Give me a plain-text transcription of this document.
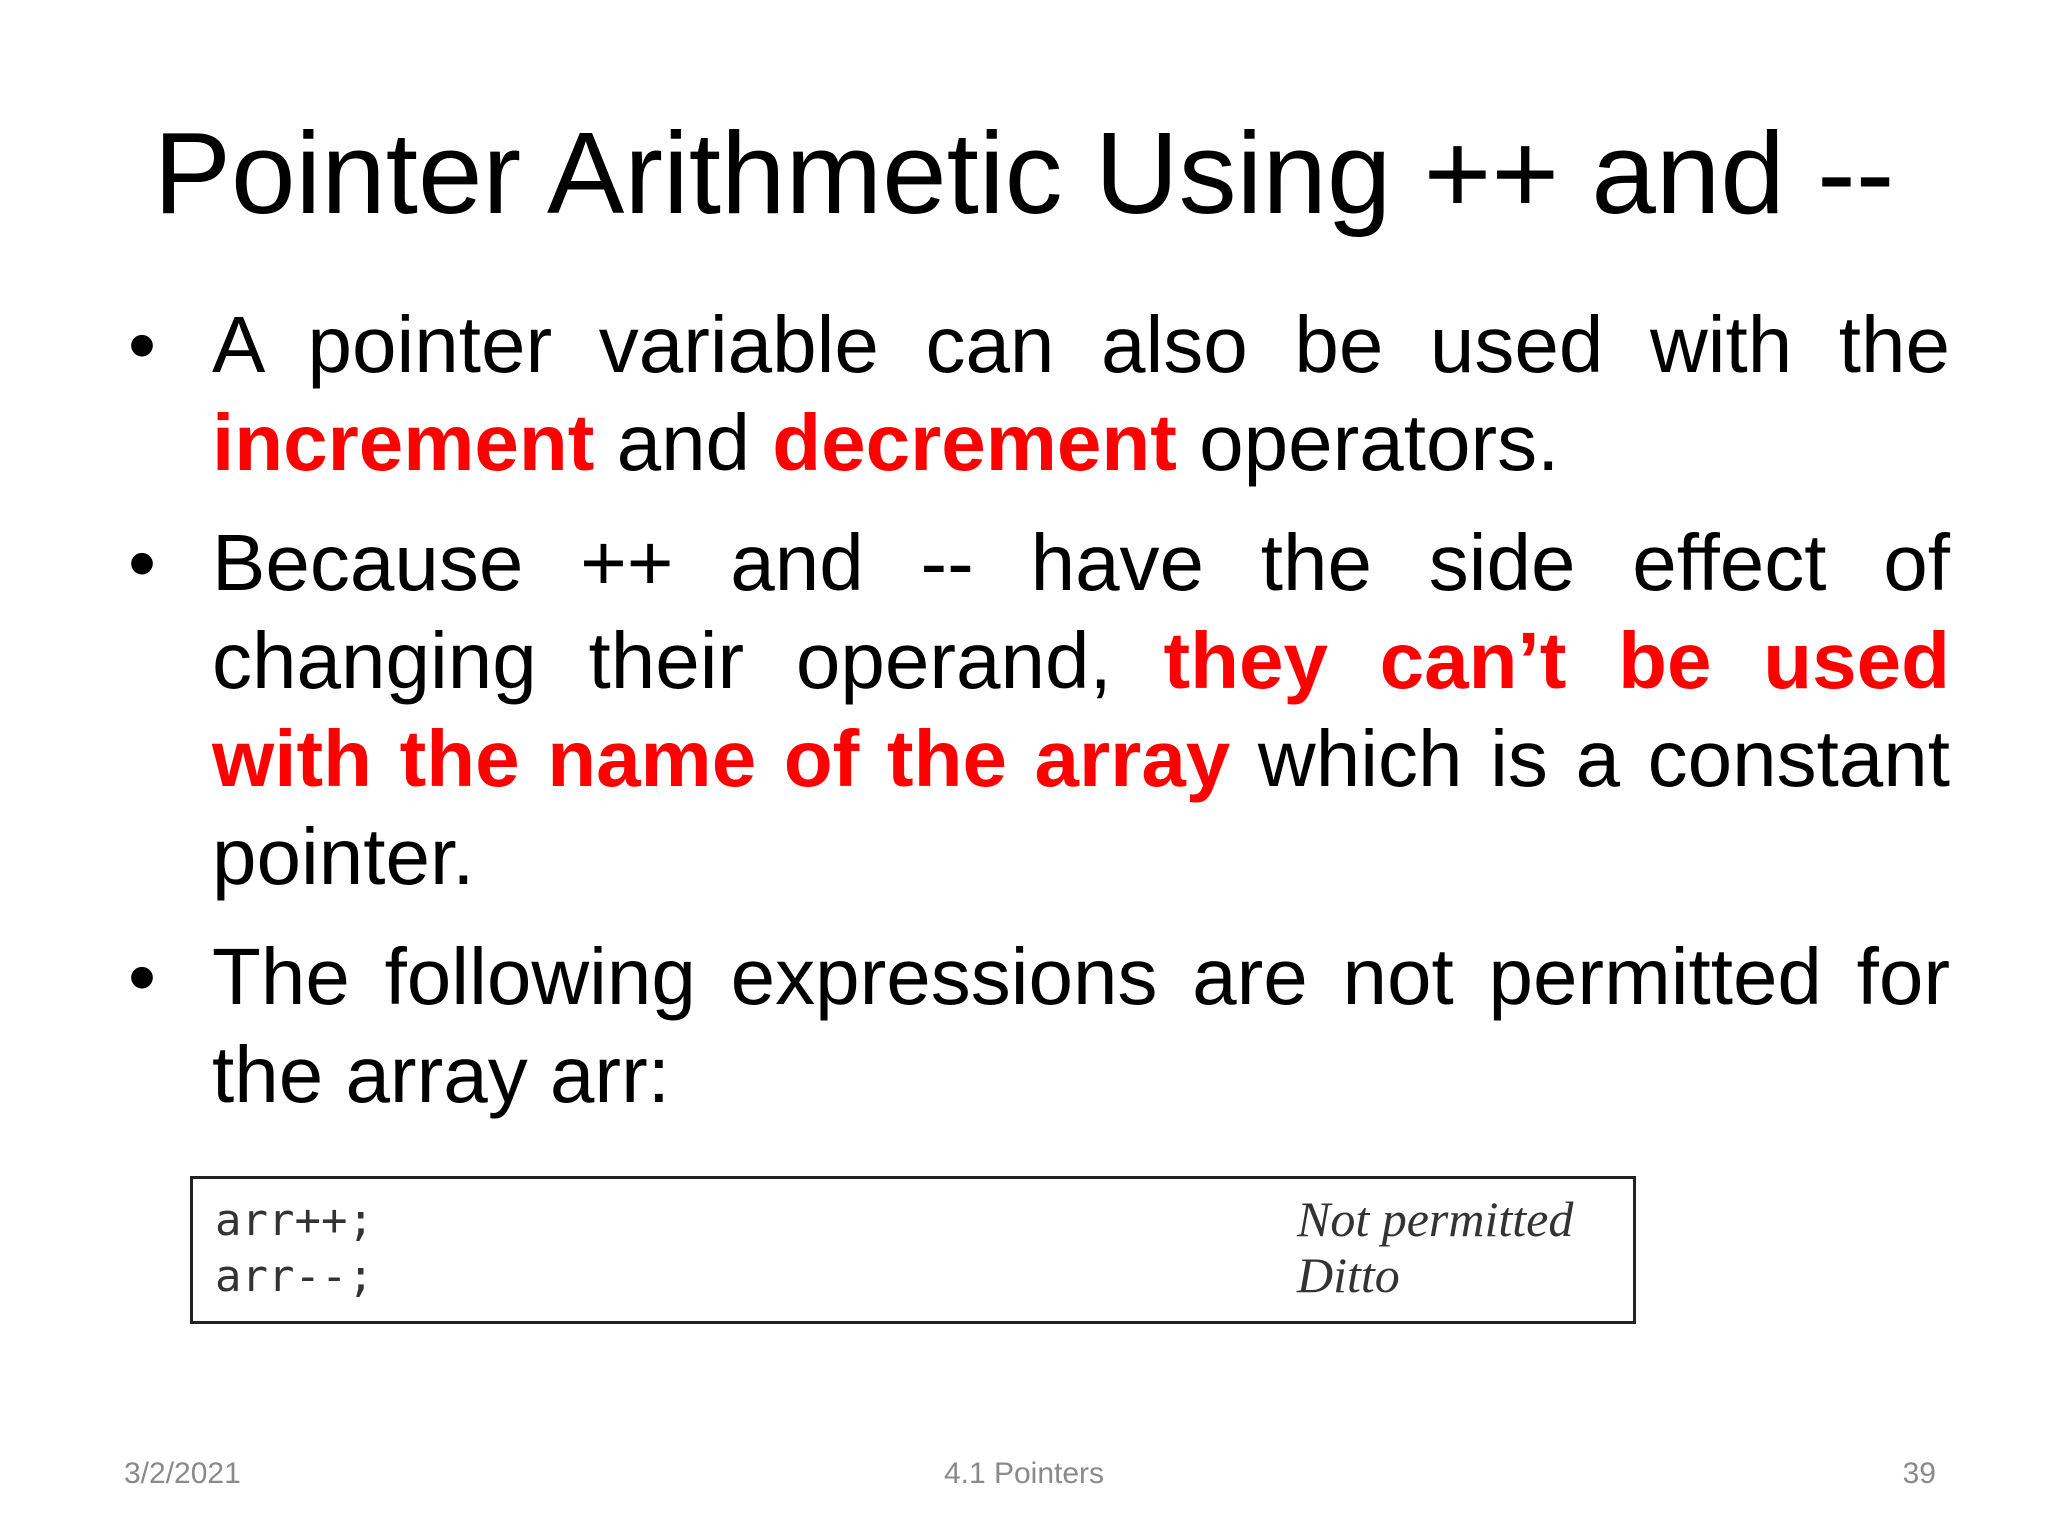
Pointer Arithmetic Using ++ and --
• A pointer variable can also be used with the increment and decrement operators.
• Because ++ and -- have the side effect of changing their operand, they can’t be used with the name of the array which is a constant pointer.
• The following expressions are not permitted for the array arr:
arr++;
arr--;
Not permitted
Ditto
3/2/2021	4.1 Pointers	39
